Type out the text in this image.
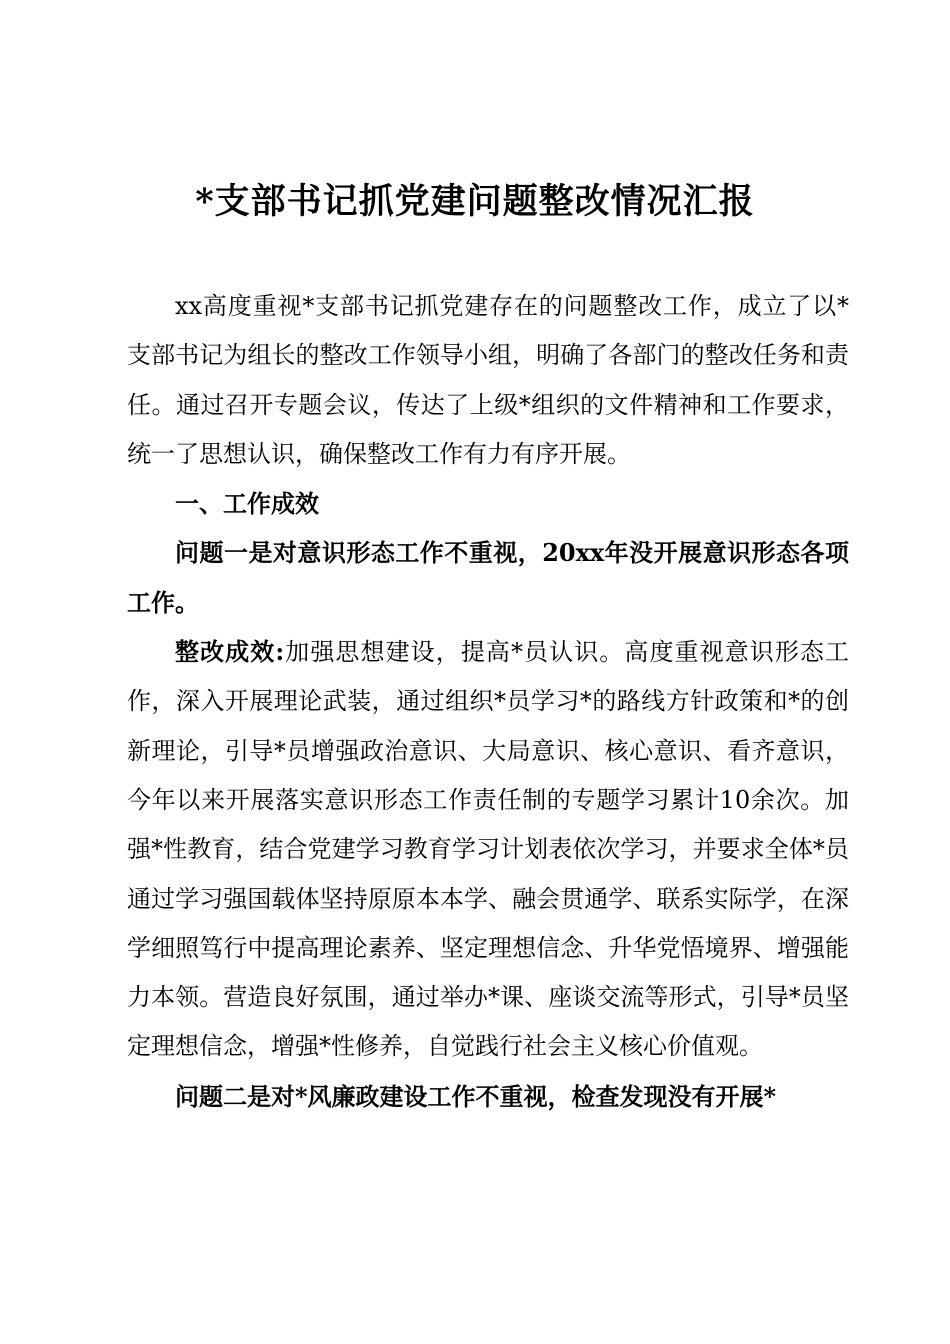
*支部书记抓党建问题整改情况汇报

xx高度重视*支部书记抓党建存在的问题整改工作，成立了以*支部书记为组长的整改工作领导小组，明确了各部门的整改任务和责任。通过召开专题会议，传达了上级*组织的文件精神和工作要求，统一了思想认识，确保整改工作有力有序开展。

一、工作成效

问题一是对意识形态工作不重视，20xx年没开展意识形态各项工作。

整改成效:加强思想建设，提高*员认识。高度重视意识形态工作，深入开展理论武装，通过组织*员学习*的路线方针政策和*的创新理论，引导*员增强政治意识、大局意识、核心意识、看齐意识，今年以来开展落实意识形态工作责任制的专题学习累计10余次。加强*性教育，结合党建学习教育学习计划表依次学习，并要求全体*员通过学习强国载体坚持原原本本学、融会贯通学、联系实际学，在深学细照笃行中提高理论素养、坚定理想信念、升华党悟境界、增强能力本领。营造良好氛围，通过举办*课、座谈交流等形式，引导*员坚定理想信念，增强*性修养，自觉践行社会主义核心价值观。

问题二是对*风廉政建设工作不重视，检查发现没有开展*
